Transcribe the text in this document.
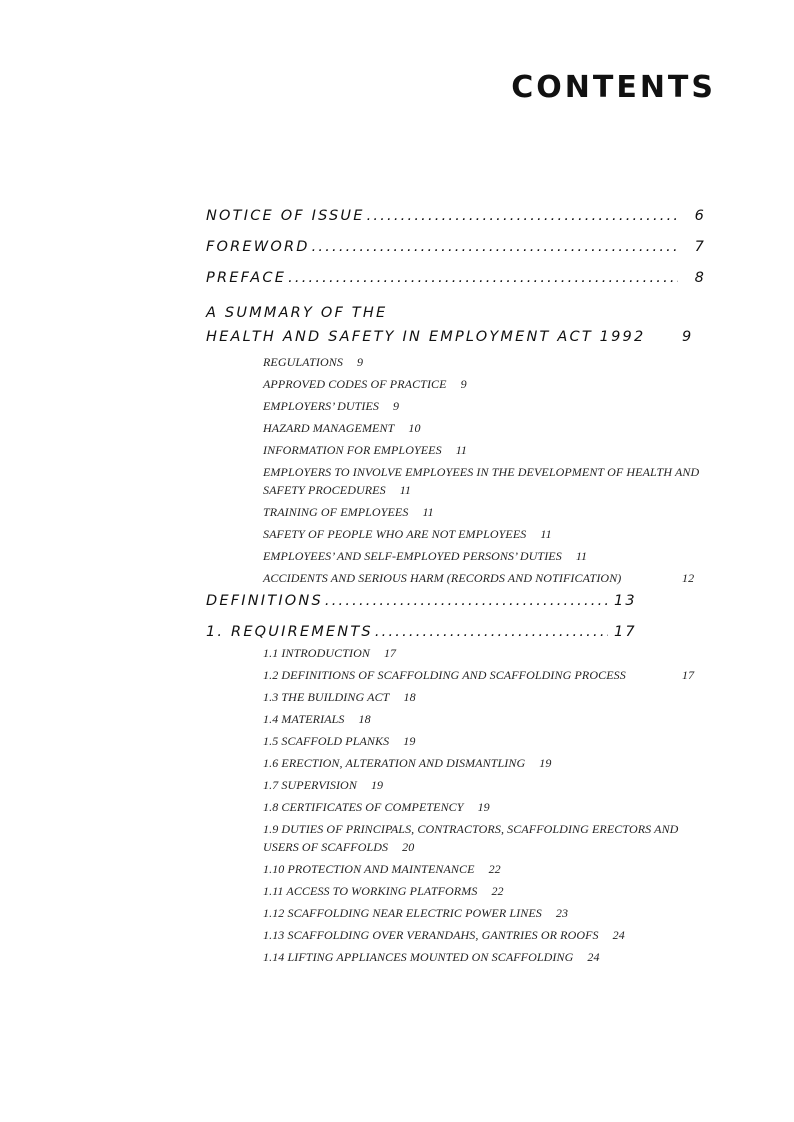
CONTENTS
NOTICE OF ISSUE . . .	6
FOREWORD . . .	7
PREFACE . . .	8
A SUMMARY OF THE
HEALTH AND SAFETY IN EMPLOYMENT ACT 1992	9
REGULATIONS 9
APPROVED CODES OF PRACTICE 9
EMPLOYERS’ DUTIES 9
HAZARD MANAGEMENT 10
INFORMATION FOR EMPLOYEES 11
EMPLOYERS TO INVOLVE EMPLOYEES IN THE DEVELOPMENT OF HEALTH AND SAFETY PROCEDURES 11
TRAINING OF EMPLOYEES 11
SAFETY OF PEOPLE WHO ARE NOT EMPLOYEES 11
EMPLOYEES’ AND SELF-EMPLOYED PERSONS’ DUTIES 11
ACCIDENTS AND SERIOUS HARM (RECORDS AND NOTIFICATION)	12
DEFINITIONS . . .	13
1. REQUIREMENTS . . .	17
1.1 INTRODUCTION 17
1.2 DEFINITIONS OF SCAFFOLDING AND SCAFFOLDING PROCESS	17
1.3 THE BUILDING ACT 18
1.4 MATERIALS 18
1.5 SCAFFOLD PLANKS 19
1.6 ERECTION, ALTERATION AND DISMANTLING 19
1.7 SUPERVISION 19
1.8 CERTIFICATES OF COMPETENCY 19
1.9 DUTIES OF PRINCIPALS, CONTRACTORS, SCAFFOLDING ERECTORS AND USERS OF SCAFFOLDS 20
1.10 PROTECTION AND MAINTENANCE 22
1.11 ACCESS TO WORKING PLATFORMS 22
1.12 SCAFFOLDING NEAR ELECTRIC POWER LINES 23
1.13 SCAFFOLDING OVER VERANDAHS, GANTRIES OR ROOFS 24
1.14 LIFTING APPLIANCES MOUNTED ON SCAFFOLDING 24
